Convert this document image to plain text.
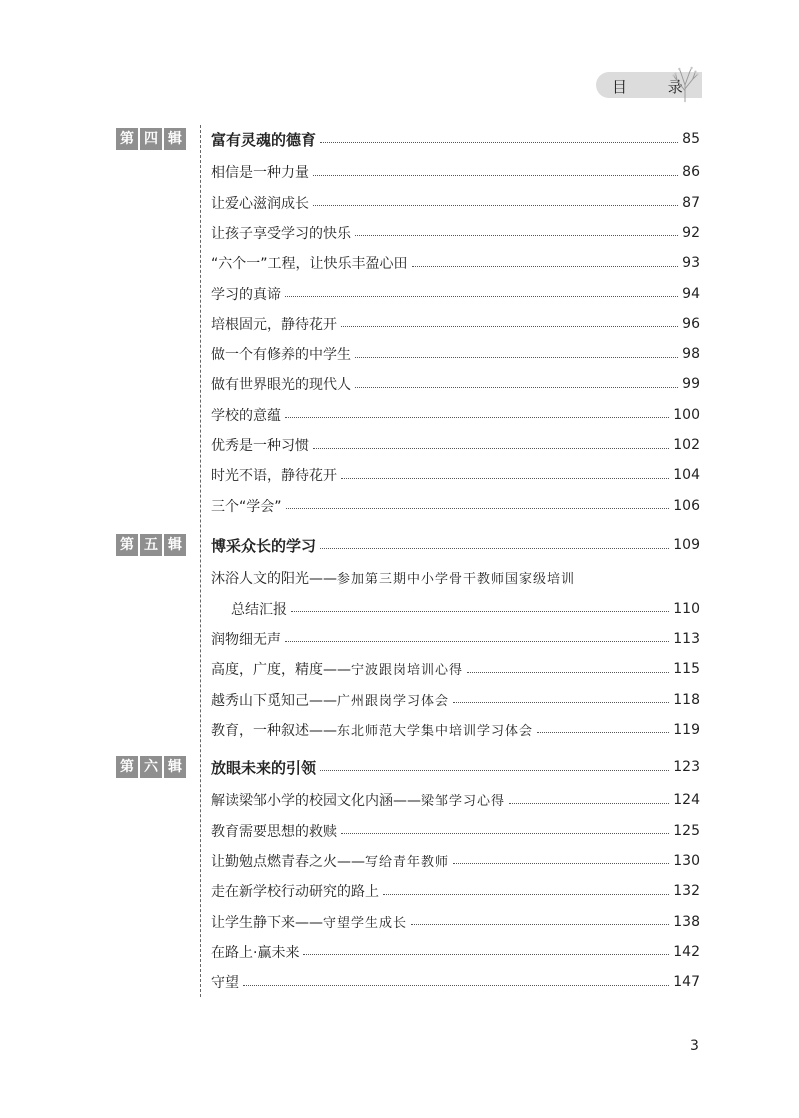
目 录
第 四 辑 富有灵魂的德育	85
相信是一种力量	86
让爱心滋润成长	87
让孩子享受学习的快乐	92
“六个一”工程，让快乐丰盈心田	93
学习的真谛	94
培根固元，静待花开	96
做一个有修养的中学生	98
做有世界眼光的现代人	99
学校的意蕴	100
优秀是一种习惯	102
时光不语，静待花开	104
三个“学会”	106
第 五 辑 博采众长的学习	109
沐浴人文的阳光——参加第三期中小学骨干教师国家级培训
总结汇报	110
润物细无声	113
高度，广度，精度——宁波跟岗培训心得	115
越秀山下觅知己——广州跟岗学习体会	118
教育，一种叙述——东北师范大学集中培训学习体会	119
第 六 辑 放眼未来的引领	123
解读梁邹小学的校园文化内涵——梁邹学习心得	124
教育需要思想的救赎	125
让勤勉点燃青春之火——写给青年教师	130
走在新学校行动研究的路上	132
让学生静下来——守望学生成长	138
在路上·赢未来	142
守望	147
3
